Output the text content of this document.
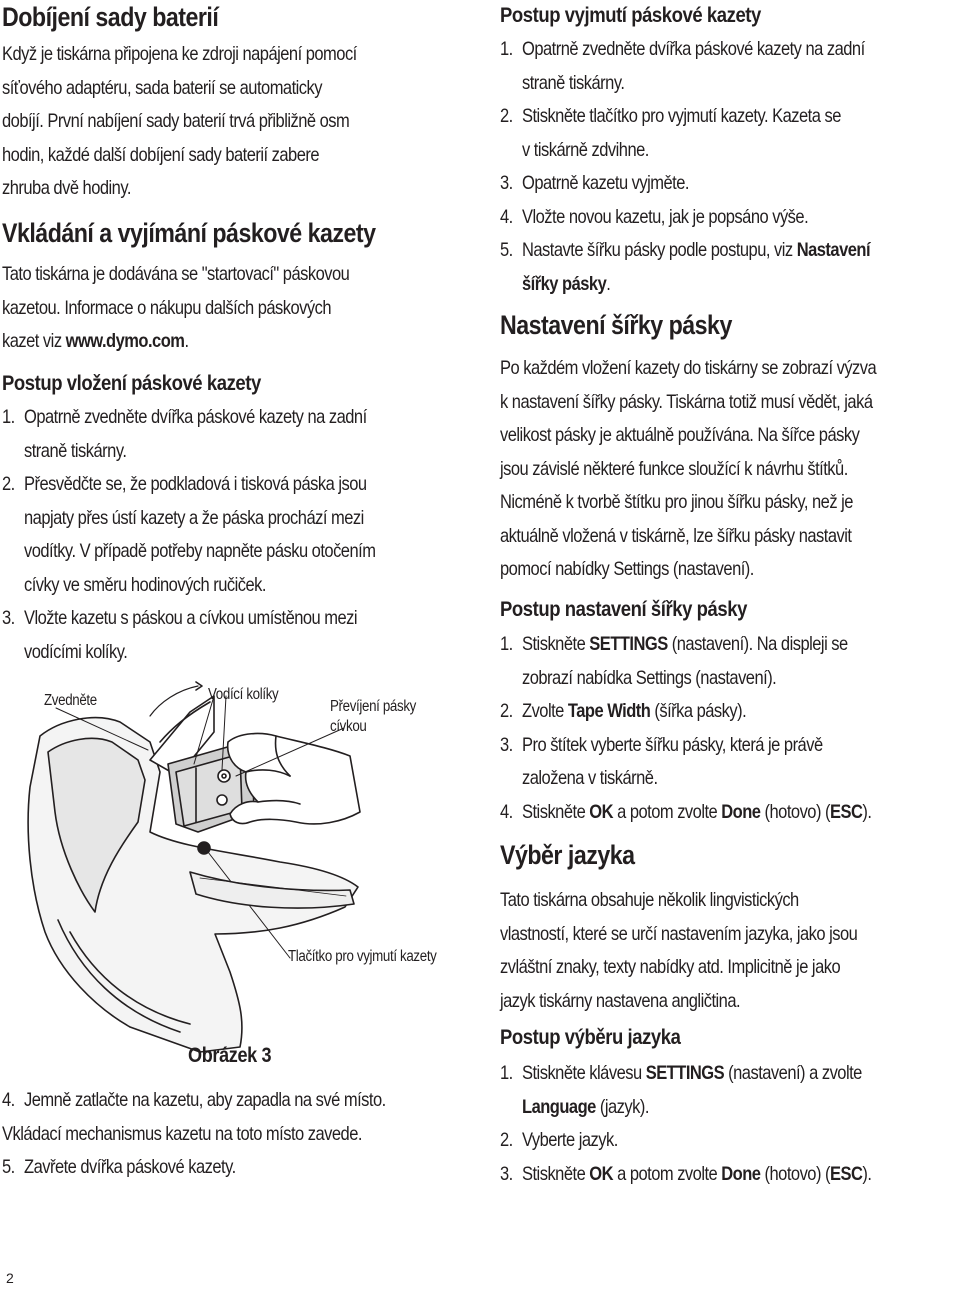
Dobíjení sady baterií

Když je tiskárna připojena ke zdroji napájení pomocí

síťového adaptéru, sada baterií se automaticky

dobíjí. První nabíjení sady baterií trvá přibližně osm

hodin, každé další dobíjení sady baterií zabere

zhruba dvě hodiny.

Vkládání a vyjímání páskové kazety

Tato tiskárna je dodávána se "startovací" páskovou

kazetou. Informace o nákupu dalších páskových

kazet viz www.dymo.com.

Postup vložení páskové kazety

1. Opatrně zvedněte dvířka páskové kazety na zadní

straně tiskárny.

2. Přesvědčte se, že podkladová i tisková páska jsou

napjaty přes ústí kazety a že páska prochází mezi

vodítky. V případě potřeby napněte pásku otočením

cívky ve směru hodinových ručiček.

3. Vložte kazetu s páskou a cívkou umístěnou mezi

vodícími kolíky.

Zvedněte	Vodící kolíky
Převíjení pásky
cívkou
Tlačítko pro vyjmutí kazety
Obrázek 3
4. Jemně zatlačte na kazetu, aby zapadla na své místo.

Vkládací mechanismus kazetu na toto místo zavede.

5. Zavřete dvířka páskové kazety.

2

Postup vyjmutí páskové kazety

1. Opatrně zvedněte dvířka páskové kazety na zadní

straně tiskárny.

2. Stiskněte tlačítko pro vyjmutí kazety. Kazeta se

v tiskárně zdvihne.

3. Opatrně kazetu vyjměte.

4. Vložte novou kazetu, jak je popsáno výše.

5. Nastavte šířku pásky podle postupu, viz Nastavení

šířky pásky.

Nastavení šířky pásky

Po každém vložení kazety do tiskárny se zobrazí výzva

k nastavení šířky pásky. Tiskárna totiž musí vědět, jaká

velikost pásky je aktuálně používána. Na šířce pásky

jsou závislé některé funkce sloužící k návrhu štítků.

Nicméně k tvorbě štítku pro jinou šířku pásky, než je

aktuálně vložená v tiskárně, lze šířku pásky nastavit

pomocí nabídky Settings (nastavení).

Postup nastavení šířky pásky

1. Stiskněte SETTINGS (nastavení). Na displeji se

zobrazí nabídka Settings (nastavení).

2. Zvolte Tape Width (šířka pásky).

3. Pro štítek vyberte šířku pásky, která je právě

založena v tiskárně.

4. Stiskněte OK a potom zvolte Done (hotovo) (ESC).

Výběr jazyka

Tato tiskárna obsahuje několik lingvistických

vlastností, které se určí nastavením jazyka, jako jsou

zvláštní znaky, texty nabídky atd. Implicitně je jako

jazyk tiskárny nastavena angličtina.

Postup výběru jazyka

1. Stiskněte klávesu SETTINGS (nastavení) a zvolte

Language (jazyk).

2. Vyberte jazyk.

3. Stiskněte OK a potom zvolte Done (hotovo) (ESC).
